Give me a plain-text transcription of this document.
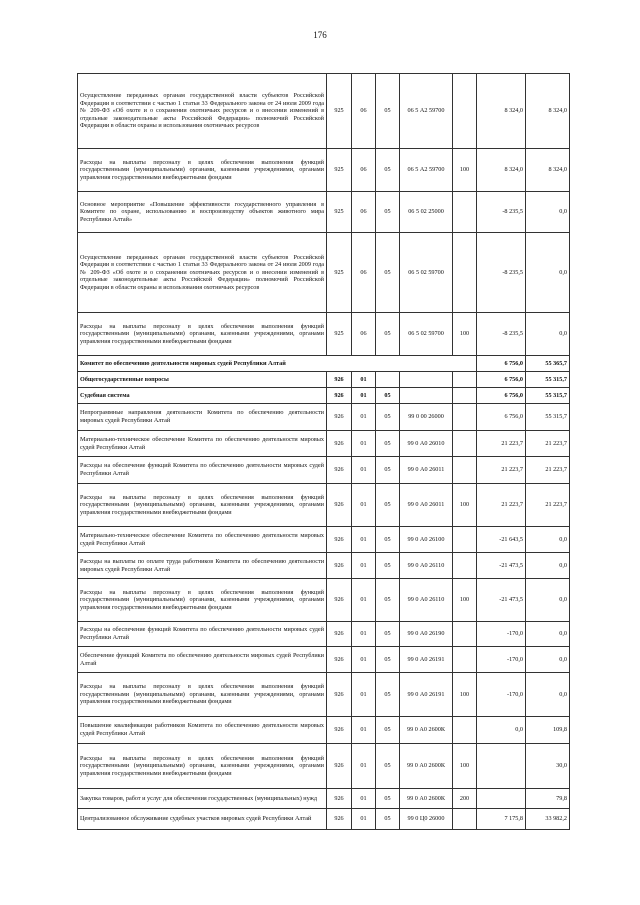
176
Осуществление переданных органам государственной власти субъектов Российской Федерации в соответствии с частью 1 статьи 33 Федерального закона от 24 июля 2009 года № 209-ФЗ «Об охоте и о сохранении охотничьих ресурсов и о внесении изменений в отдельные законодательные акты Российской Федерации» полномочий Российской Федерации в области охраны и использования охотничьих ресурсов	925	06	05	06 5 А2 59700		8 324,0	8 324,0
Расходы на выплаты персоналу в целях обеспечения выполнения функций государственными (муниципальными) органами, казенными учреждениями, органами управления государственными внебюджетными фондами	925	06	05	06 5 А2 59700	100	8 324,0	8 324,0
Основное мероприятие «Повышение эффективности государственного управления в Комитете по охране, использованию и воспроизводству объектов животного мира Республики Алтай»	925	06	05	06 5 02 25000		-8 235,5	0,0
Осуществление переданных органам государственной власти субъектов Российской Федерации в соответствии с частью 1 статьи 33 Федерального закона от 24 июля 2009 года № 209-ФЗ «Об охоте и о сохранении охотничьих ресурсов и о внесении изменений в отдельные законодательные акты Российской Федерации» полномочий Российской Федерации в области охраны и использования охотничьих ресурсов	925	06	05	06 5 02 59700		-8 235,5	0,0
Расходы на выплаты персоналу в целях обеспечения выполнения функций государственными (муниципальными) органами, казенными учреждениями, органами управления государственными внебюджетными фондами	925	06	05	06 5 02 59700	100	-8 235,5	0,0
Комитет по обеспечению деятельности мировых судей Республики Алтай						6 756,0	55 365,7
Общегосударственные вопросы	926	01				6 756,0	55 315,7
Судебная система	926	01	05			6 756,0	55 315,7
Непрограммные направления деятельности Комитета по обеспечению деятельности мировых судей Республики Алтай	926	01	05	99 0 00 26000		6 756,0	55 315,7
Материально-техническое обеспечение Комитета по обеспечению деятельности мировых судей Республики Алтай	926	01	05	99 0 А0 26010		21 223,7	21 223,7
Расходы на обеспечение функций Комитета по обеспечению деятельности мировых судей Республики Алтай	926	01	05	99 0 А0 26011		21 223,7	21 223,7
Расходы на выплаты персоналу в целях обеспечения выполнения функций государственными (муниципальными) органами, казенными учреждениями, органами управления государственными внебюджетными фондами	926	01	05	99 0 А0 26011	100	21 223,7	21 223,7
Материально-техническое обеспечение Комитета по обеспечению деятельности мировых судей Республики Алтай	926	01	05	99 0 А0 26100		-21 643,5	0,0
Расходы на выплаты по оплате труда работников Комитета по обеспечению деятельности мировых судей Республики Алтай	926	01	05	99 0 А0 26110		-21 473,5	0,0
Расходы на выплаты персоналу в целях обеспечения выполнения функций государственными (муниципальными) органами, казенными учреждениями, органами управления государственными внебюджетными фондами	926	01	05	99 0 А0 26110	100	-21 473,5	0,0
Расходы на обеспечение функций Комитета по обеспечению деятельности мировых судей Республики Алтай	926	01	05	99 0 А0 26190		-170,0	0,0
Обеспечение функций Комитета по обеспечению деятельности мировых судей Республики Алтай	926	01	05	99 0 А0 26191		-170,0	0,0
Расходы на выплаты персоналу в целях обеспечения выполнения функций государственными (муниципальными) органами, казенными учреждениями, органами управления государственными внебюджетными фондами	926	01	05	99 0 А0 26191	100	-170,0	0,0
Повышение квалификации работников Комитета по обеспечению деятельности мировых судей Республики Алтай	926	01	05	99 0 А0 2600К		0,0	109,8
Расходы на выплаты персоналу в целях обеспечения выполнения функций государственными (муниципальными) органами, казенными учреждениями, органами управления государственными внебюджетными фондами	926	01	05	99 0 А0 2600К	100		30,0
Закупка товаров, работ и услуг для обеспечения государственных (муниципальных) нужд	926	01	05	99 0 А0 2600К	200		79,8
Централизованное обслуживание судебных участков мировых судей Республики Алтай	926	01	05	99 0 Ц0 26000		7 175,8	33 982,2
